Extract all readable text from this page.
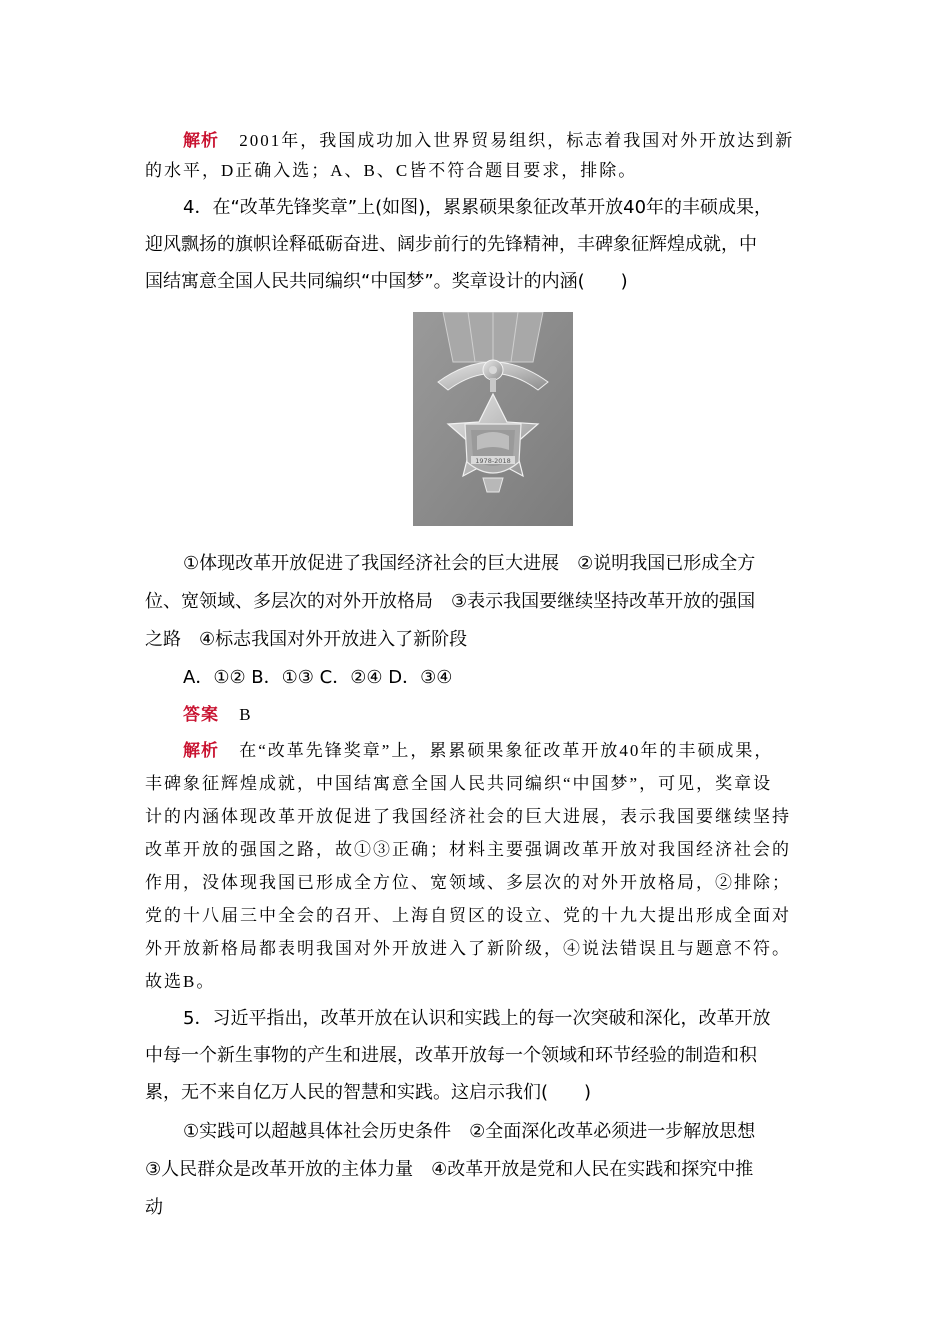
解析 2001年，我国成功加入世界贸易组织，标志着我国对外开放达到新
的水平，D正确入选；A、B、C皆不符合题目要求，排除。
4．在“改革先锋奖章”上(如图)，累累硕果象征改革开放40年的丰硕成果，
迎风飘扬的旗帜诠释砥砺奋进、阔步前行的先锋精神，丰碑象征辉煌成就，中
国结寓意全国人民共同编织“中国梦”。奖章设计的内涵(　　)
1978-2018
①体现改革开放促进了我国经济社会的巨大进展　②说明我国已形成全方
位、宽领域、多层次的对外开放格局　③表示我国要继续坚持改革开放的强国
之路　④标志我国对外开放进入了新阶段
A．①② B．①③ C．②④ D．③④
答案 B
解析 在“改革先锋奖章”上，累累硕果象征改革开放40年的丰硕成果，
丰碑象征辉煌成就，中国结寓意全国人民共同编织“中国梦”，可见，奖章设
计的内涵体现改革开放促进了我国经济社会的巨大进展，表示我国要继续坚持
改革开放的强国之路，故①③正确；材料主要强调改革开放对我国经济社会的
作用，没体现我国已形成全方位、宽领域、多层次的对外开放格局，②排除；
党的十八届三中全会的召开、上海自贸区的设立、党的十九大提出形成全面对
外开放新格局都表明我国对外开放进入了新阶级，④说法错误且与题意不符。
故选B。
5．习近平指出，改革开放在认识和实践上的每一次突破和深化，改革开放
中每一个新生事物的产生和进展，改革开放每一个领域和环节经验的制造和积
累，无不来自亿万人民的智慧和实践。这启示我们(　　)
①实践可以超越具体社会历史条件　②全面深化改革必须进一步解放思想
③人民群众是改革开放的主体力量　④改革开放是党和人民在实践和探究中推
动
